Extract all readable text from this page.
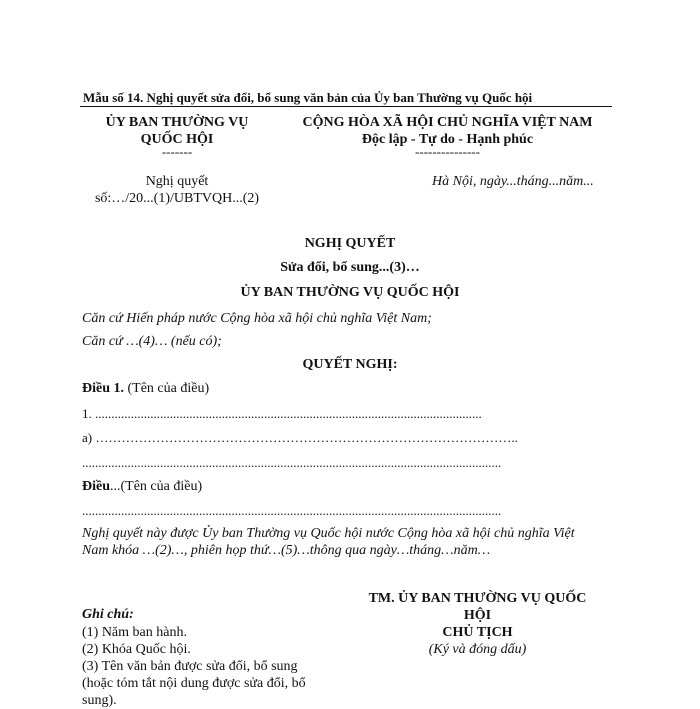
Mẫu số 14. Nghị quyết sửa đổi, bổ sung văn bản của Ủy ban Thường vụ Quốc hội
ỦY BAN THƯỜNG VỤ
QUỐC HỘI
-------
Nghị quyết
số:…/20...(1)/UBTVQH...(2)
CỘNG HÒA XÃ HỘI CHỦ NGHĨA VIỆT NAM
Độc lập - Tự do - Hạnh phúc
---------------
Hà Nội, ngày...tháng...năm...
NGHỊ QUYẾT
Sửa đổi, bổ sung...(3)…
ỦY BAN THƯỜNG VỤ QUỐC HỘI
Căn cứ Hiến pháp nước Cộng hòa xã hội chủ nghĩa Việt Nam;
Căn cứ …(4)… (nếu có);
QUYẾT NGHỊ:
Điều 1. (Tên của điều)
1. .......................................................................................................................
a) ……………………………………………………………………………………..
.................................................................................................................................
Điều...(Tên của điều)
.................................................................................................................................
Nghị quyết này được Ủy ban Thường vụ Quốc hội nước Cộng hòa xã hội chủ nghĩa Việt
Nam khóa …(2)…, phiên họp thứ…(5)…thông qua ngày…tháng…năm…
Ghi chú:
(1) Năm ban hành.
(2) Khóa Quốc hội.
(3) Tên văn bản được sửa đổi, bổ sung
(hoặc tóm tắt nội dung được sửa đổi, bổ
sung).
TM. ỦY BAN THƯỜNG VỤ QUỐC
HỘI
CHỦ TỊCH
(Ký và đóng dấu)
